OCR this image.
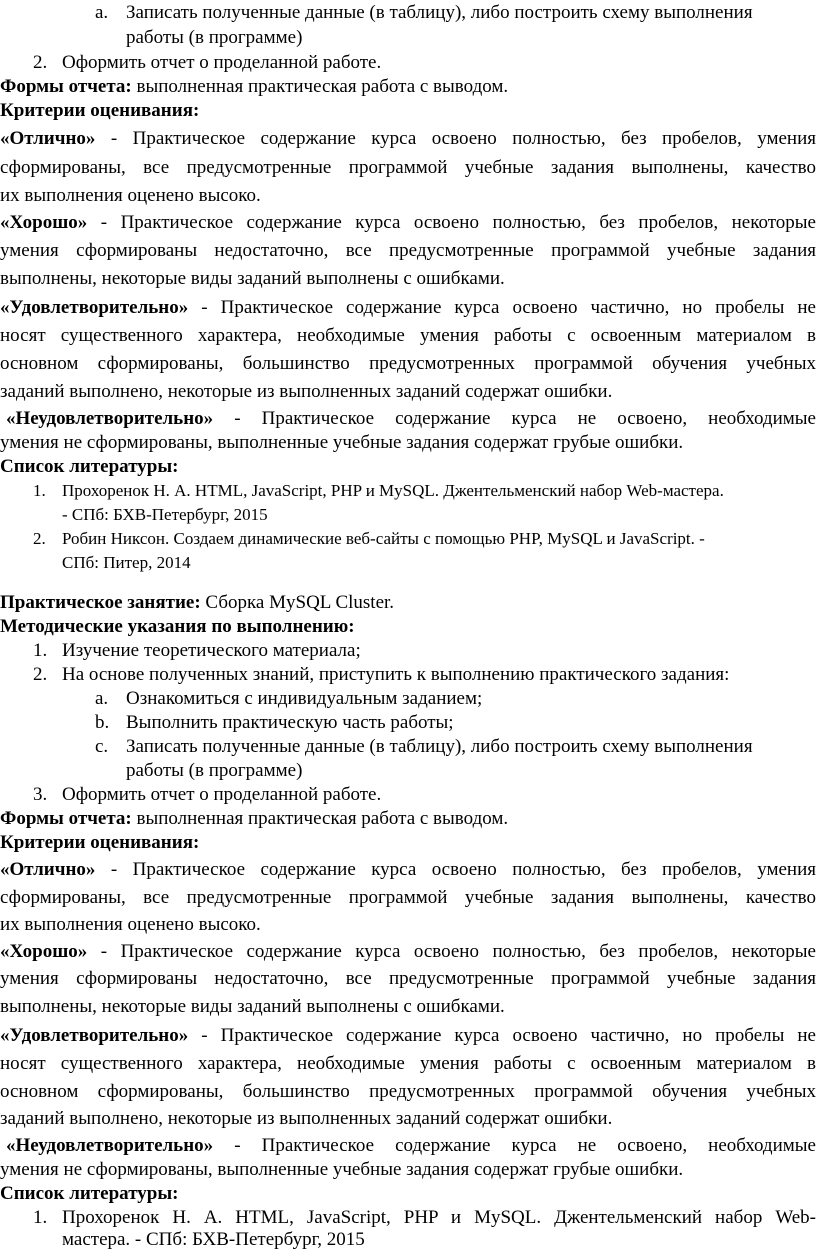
a. Записать полученные данные (в таблицу), либо построить схему выполнения
работы (в программе)
2. Оформить отчет о проделанной работе.
Формы отчета: выполненная практическая работа с выводом.
Критерии оценивания:
«Отлично» - Практическое содержание курса освоено полностью, без пробелов, умения
сформированы, все предусмотренные программой учебные задания выполнены, качество
их выполнения оценено высоко.
«Хорошо» - Практическое содержание курса освоено полностью, без пробелов, некоторые
умения сформированы недостаточно, все предусмотренные программой учебные задания
выполнены, некоторые виды заданий выполнены с ошибками.
«Удовлетворительно» - Практическое содержание курса освоено частично, но пробелы не
носят существенного характера, необходимые умения работы с освоенным материалом в
основном сформированы, большинство предусмотренных программой обучения учебных
заданий выполнено, некоторые из выполненных заданий содержат ошибки.
«Неудовлетворительно» - Практическое содержание курса не освоено, необходимые
умения не сформированы, выполненные учебные задания содержат грубые ошибки.
Список литературы:
1. Прохоренок Н. А. HTML, JavaScript, PHP и MySQL. Джентельменский набор Web-мастера.
- СПб: БХВ-Петербург, 2015
2. Робин Никсон. Создаем динамические веб-сайты с помощью PHP, MySQL и JavaScript. -
СПб: Питер, 2014
Практическое занятие: Сборка MySQL Cluster.
Методические указания по выполнению:
1. Изучение теоретического материала;
2. На основе полученных знаний, приступить к выполнению практического задания:
a. Ознакомиться с индивидуальным заданием;
b. Выполнить практическую часть работы;
c. Записать полученные данные (в таблицу), либо построить схему выполнения
работы (в программе)
3. Оформить отчет о проделанной работе.
Формы отчета: выполненная практическая работа с выводом.
Критерии оценивания:
«Отлично» - Практическое содержание курса освоено полностью, без пробелов, умения
сформированы, все предусмотренные программой учебные задания выполнены, качество
их выполнения оценено высоко.
«Хорошо» - Практическое содержание курса освоено полностью, без пробелов, некоторые
умения сформированы недостаточно, все предусмотренные программой учебные задания
выполнены, некоторые виды заданий выполнены с ошибками.
«Удовлетворительно» - Практическое содержание курса освоено частично, но пробелы не
носят существенного характера, необходимые умения работы с освоенным материалом в
основном сформированы, большинство предусмотренных программой обучения учебных
заданий выполнено, некоторые из выполненных заданий содержат ошибки.
«Неудовлетворительно» - Практическое содержание курса не освоено, необходимые
умения не сформированы, выполненные учебные задания содержат грубые ошибки.
Список литературы:
1. Прохоренок Н. А. HTML, JavaScript, PHP и MySQL. Джентельменский набор Web-
мастера. - СПб: БХВ-Петербург, 2015
